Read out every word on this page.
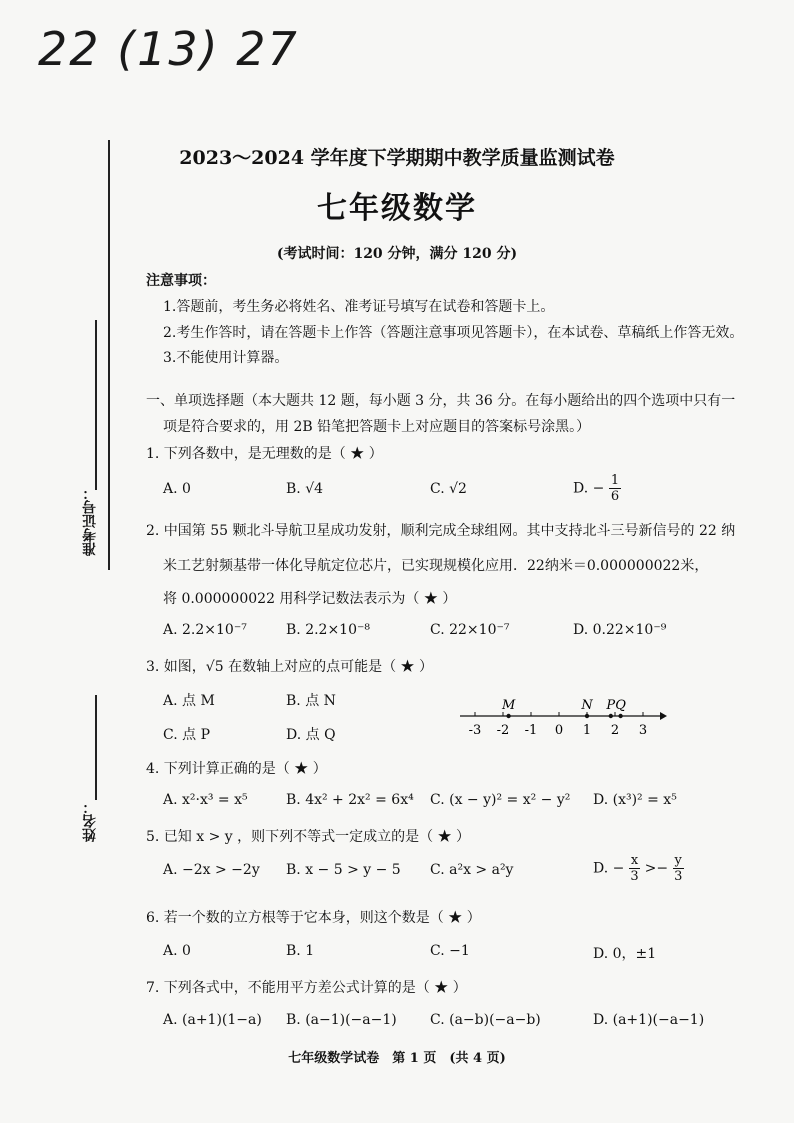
22 (13) 27
准考证号：
姓名：
2023～2024 学年度下学期期中教学质量监测试卷
七年级数学
(考试时间：120 分钟，满分 120 分)
注意事项：
1.答题前，考生务必将姓名、准考证号填写在试卷和答题卡上。
2.考生作答时，请在答题卡上作答（答题注意事项见答题卡），在本试卷、草稿纸上作答无效。
3.不能使用计算器。
一、单项选择题（本大题共 12 题，每小题 3 分，共 36 分。在每小题给出的四个选项中只有一
项是符合要求的，用 2B 铅笔把答题卡上对应题目的答案标号涂黑。）
1. 下列各数中，是无理数的是（ ★ ）
A. 0	B. √4	C. √2	D. − $\frac{1}{6}$
2. 中国第 55 颗北斗导航卫星成功发射，顺利完成全球组网。其中支持北斗三号新信号的 22 纳
米工艺射频基带一体化导航定位芯片，已实现规模化应用．22纳米＝0.000000022米，
将 0.000000022 用科学记数法表示为（ ★ ）
A. 2.2×10⁻⁷	B. 2.2×10⁻⁸	C. 22×10⁻⁷	D. 0.22×10⁻⁹
3. 如图，√5 在数轴上对应的点可能是（ ★ ）
A. 点 M	B. 点 N
C. 点 P	D. 点 Q	-3 -2 -1 0 1 2 3
M	N P Q
4. 下列计算正确的是（ ★ ）
A. x²·x³ = x⁵	B. 4x² + 2x² = 6x⁴ C. (x − y)² = x² − y² D. (x³)² = x⁵
5. 已知 x > y ，则下列不等式一定成立的是（ ★ ）
A. −2x > −2y B. x − 5 > y − 5 C. a²x > a²y	D. − $\frac{x}{3} >- \frac{y}{3}$
6. 若一个数的立方根等于它本身，则这个数是（ ★ ）
A. 0	B. 1	C. −1	D. 0，±1
7. 下列各式中，不能用平方差公式计算的是（ ★ ）
A. (a+1)(1−a) B. (a−1)(−a−1) C. (a−b)(−a−b)	D. (a+1)(−a−1)
七年级数学试卷　第 1 页　(共 4 页)
